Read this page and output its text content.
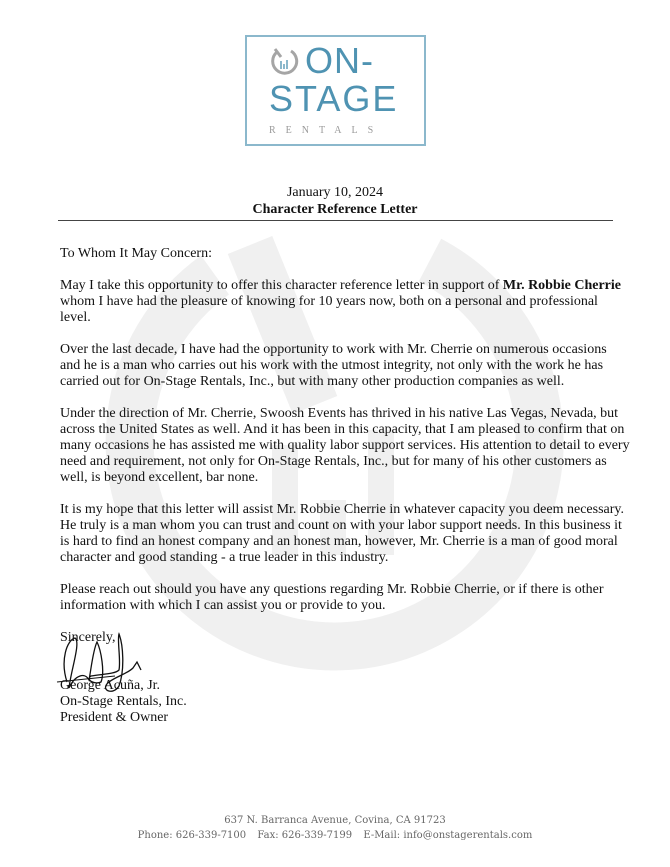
ON-
STAGE
RENTALS
January 10, 2024
Character Reference Letter

To Whom It May Concern:

May I take this opportunity to offer this character reference letter in support of Mr. Robbie Cherrie whom I have had the pleasure of knowing for 10 years now, both on a personal and professional level.

Over the last decade, I have had the opportunity to work with Mr. Cherrie on numerous occasions and he is a man who carries out his work with the utmost integrity, not only with the work he has carried out for On-Stage Rentals, Inc., but with many other production companies as well.

Under the direction of Mr. Cherrie, Swoosh Events has thrived in his native Las Vegas, Nevada, but across the United States as well. And it has been in this capacity, that I am pleased to confirm that on many occasions he has assisted me with quality labor support services. His attention to detail to every need and requirement, not only for On-Stage Rentals, Inc., but for many of his other customers as well, is beyond excellent, bar none.

It is my hope that this letter will assist Mr. Robbie Cherrie in whatever capacity you deem necessary. He truly is a man whom you can trust and count on with your labor support needs. In this business it is hard to find an honest company and an honest man, however, Mr. Cherrie is a man of good moral character and good standing - a true leader in this industry.

Please reach out should you have any questions regarding Mr. Robbie Cherrie, or if there is other information with which I can assist you or provide to you.

Sincerely,
George Acuña, Jr.
On-Stage Rentals, Inc.
President & Owner
637 N. Barranca Avenue, Covina, CA 91723
Phone: 626-339-7100 Fax: 626-339-7199 E-Mail: info@onstagerentals.com
